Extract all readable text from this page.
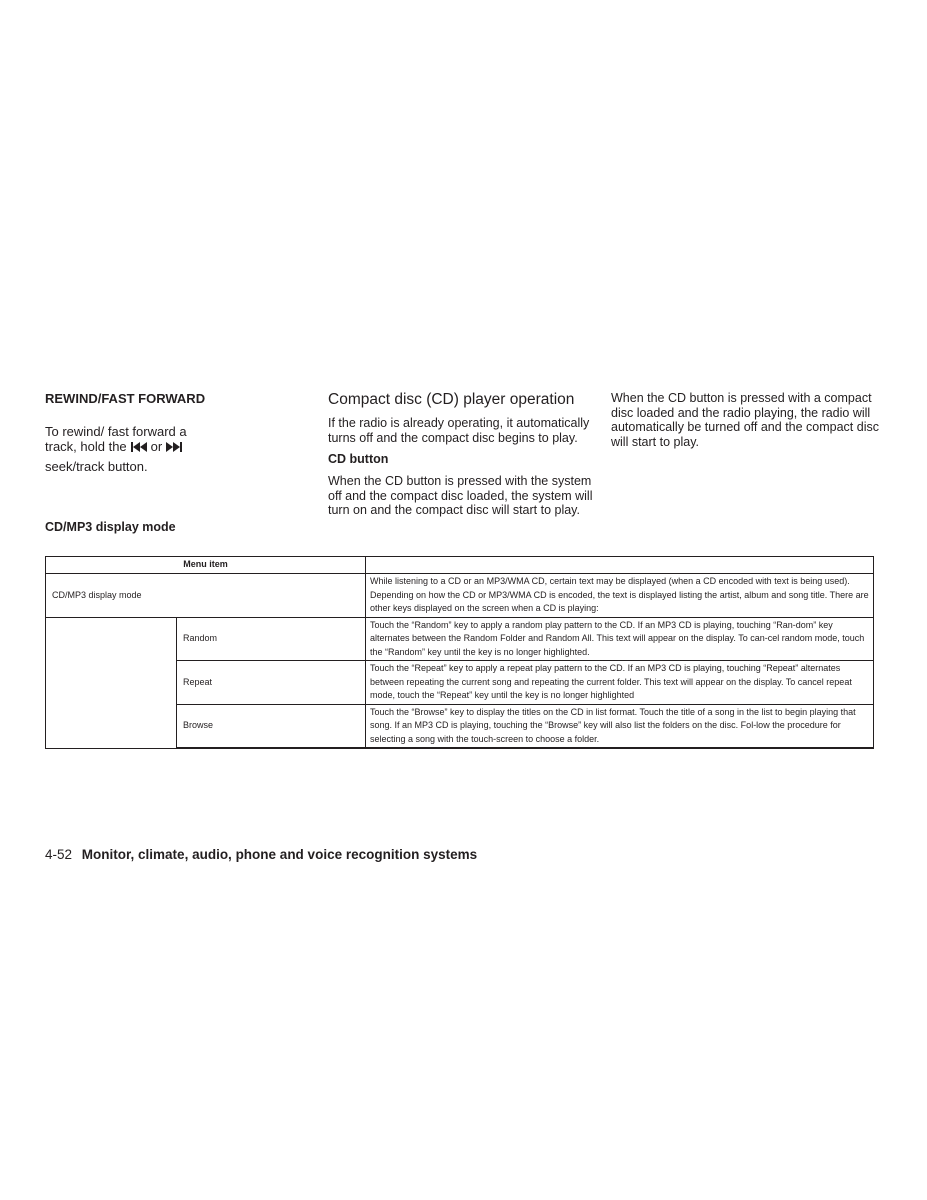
REWIND/FAST FORWARD
To rewind/ fast forward a
track, hold the or
seek/track button.
Compact disc (CD) player operation
If the radio is already operating, it automatically turns off and the compact disc begins to play.
CD button
When the CD button is pressed with the system off and the compact disc loaded, the system will turn on and the compact disc will start to play.
When the CD button is pressed with a compact disc loaded and the radio playing, the radio will automatically be turned off and the compact disc will start to play.
CD/MP3 display mode
Menu item		
CD/MP3 display mode		While listening to a CD or an MP3/WMA CD, certain text may be displayed (when a CD encoded with text is being used). Depending on how the CD or MP3/WMA CD is encoded, the text is displayed listing the artist, album and song title. There are other keys displayed on the screen when a CD is playing:
	Random	Touch the “Random” key to apply a random play pattern to the CD. If an MP3 CD is playing, touching “Ran-dom” key alternates between the Random Folder and Random All. This text will appear on the display. To can-cel random mode, touch the “Random” key until the key is no longer highlighted.
	Repeat	Touch the “Repeat” key to apply a repeat play pattern to the CD. If an MP3 CD is playing, touching “Repeat” alternates between repeating the current song and repeating the current folder. This text will appear on the display. To cancel repeat mode, touch the “Repeat” key until the key is no longer highlighted
	Browse	Touch the “Browse” key to display the titles on the CD in list format. Touch the title of a song in the list to begin playing that song. If an MP3 CD is playing, touching the “Browse” key will also list the folders on the disc. Fol-low the procedure for selecting a song with the touch-screen to choose a folder.
4-52 Monitor, climate, audio, phone and voice recognition systems
